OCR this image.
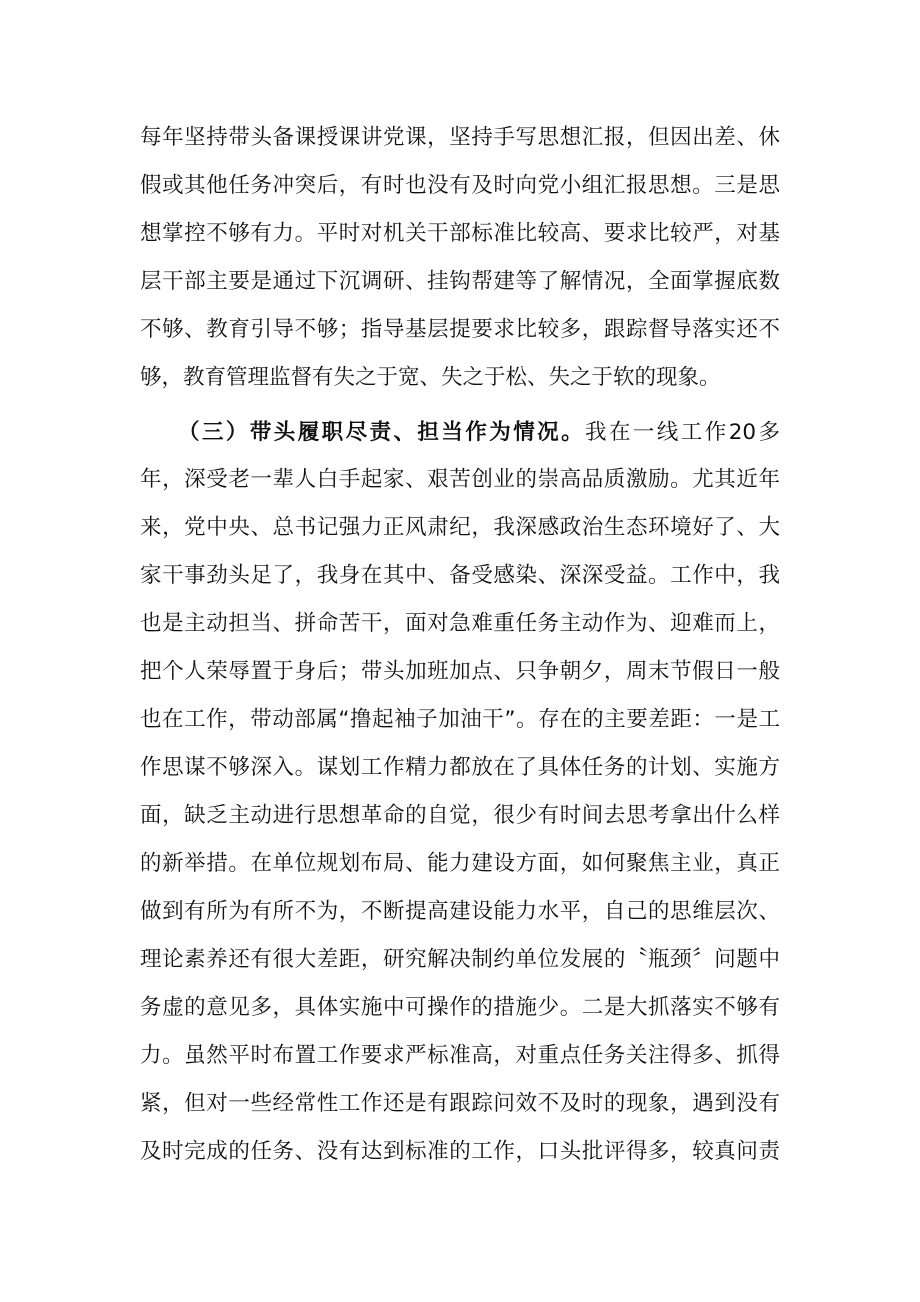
每年坚持带头备课授课讲党课，坚持手写思想汇报，但因出差、休
假或其他任务冲突后，有时也没有及时向党小组汇报思想。三是思
想掌控不够有力。平时对机关干部标准比较高、要求比较严，对基
层干部主要是通过下沉调研、挂钩帮建等了解情况，全面掌握底数
不够、教育引导不够；指导基层提要求比较多，跟踪督导落实还不
够，教育管理监督有失之于宽、失之于松、失之于软的现象。
（三）带头履职尽责、担当作为情况。我在一线工作20多
年，深受老一辈人白手起家、艰苦创业的崇高品质激励。尤其近年
来，党中央、总书记强力正风肃纪，我深感政治生态环境好了、大
家干事劲头足了，我身在其中、备受感染、深深受益。工作中，我
也是主动担当、拼命苦干，面对急难重任务主动作为、迎难而上，
把个人荣辱置于身后；带头加班加点、只争朝夕，周末节假日一般
也在工作，带动部属“撸起袖子加油干”。存在的主要差距：一是工
作思谋不够深入。谋划工作精力都放在了具体任务的计划、实施方
面，缺乏主动进行思想革命的自觉，很少有时间去思考拿出什么样
的新举措。在单位规划布局、能力建设方面，如何聚焦主业，真正
做到有所为有所不为，不断提高建设能力水平，自己的思维层次、
理论素养还有很大差距，研究解决制约单位发展的〝瓶颈〞问题中
务虚的意见多，具体实施中可操作的措施少。二是大抓落实不够有
力。虽然平时布置工作要求严标准高，对重点任务关注得多、抓得
紧，但对一些经常性工作还是有跟踪问效不及时的现象，遇到没有
及时完成的任务、没有达到标准的工作，口头批评得多，较真问责
